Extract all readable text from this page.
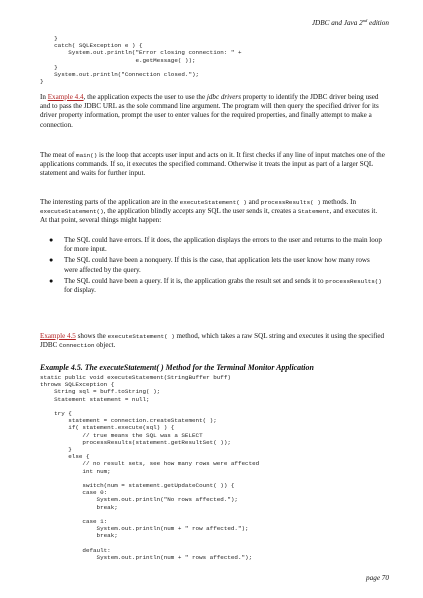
JDBC and Java 2nd edition
}
catch( SQLException e ) {
System.out.println("Error closing connection: " +
e.getMessage( ));
}
System.out.println("Connection closed.");
}

In Example 4.4, the application expects the user to use the jdbc drivers property to identify the JDBC driver being used and to pass the JDBC URL as the sole command line argument. The program will then query the specified driver for its driver property information, prompt the user to enter values for the required properties, and finally attempt to make a connection.

The meat of main() is the loop that accepts user input and acts on it. It first checks if any line of input matches one of the applications commands. If so, it executes the specified command. Otherwise it treats the input as part of a larger SQL statement and waits for further input.

The interesting parts of the application are in the executeStatement( ) and processResults( ) methods. In executeStatement(), the application blindly accepts any SQL the user sends it, creates a Statement, and executes it. At that point, several things might happen:

● The SQL could have errors. If it does, the application displays the errors to the user and returns to the main loop for more input.
● The SQL could have been a nonquery. If this is the case, that application lets the user know how many rows were affected by the query.
● The SQL could have been a query. If it is, the application grabs the result set and sends it to processResults() for display.

Example 4.5 shows the executeStatement( ) method, which takes a raw SQL string and executes it using the specified JDBC Connection object.

Example 4.5. The executeStatement( ) Method for the Terminal Monitor Application

static public void executeStatement(StringBuffer buff)
throws SQLException {
String sql = buff.toString( );
Statement statement = null;

try {
statement = connection.createStatement( );
if( statement.execute(sql) ) {
// true means the SQL was a SELECT
processResults(statement.getResultSet( ));
}
else {
// no result sets, see how many rows were affected
int num;

switch(num = statement.getUpdateCount( )) {
case 0:
System.out.println("No rows affected.");
break;

case 1:
System.out.println(num + " row affected.");
break;

default:
System.out.println(num + " rows affected.");
page 70
